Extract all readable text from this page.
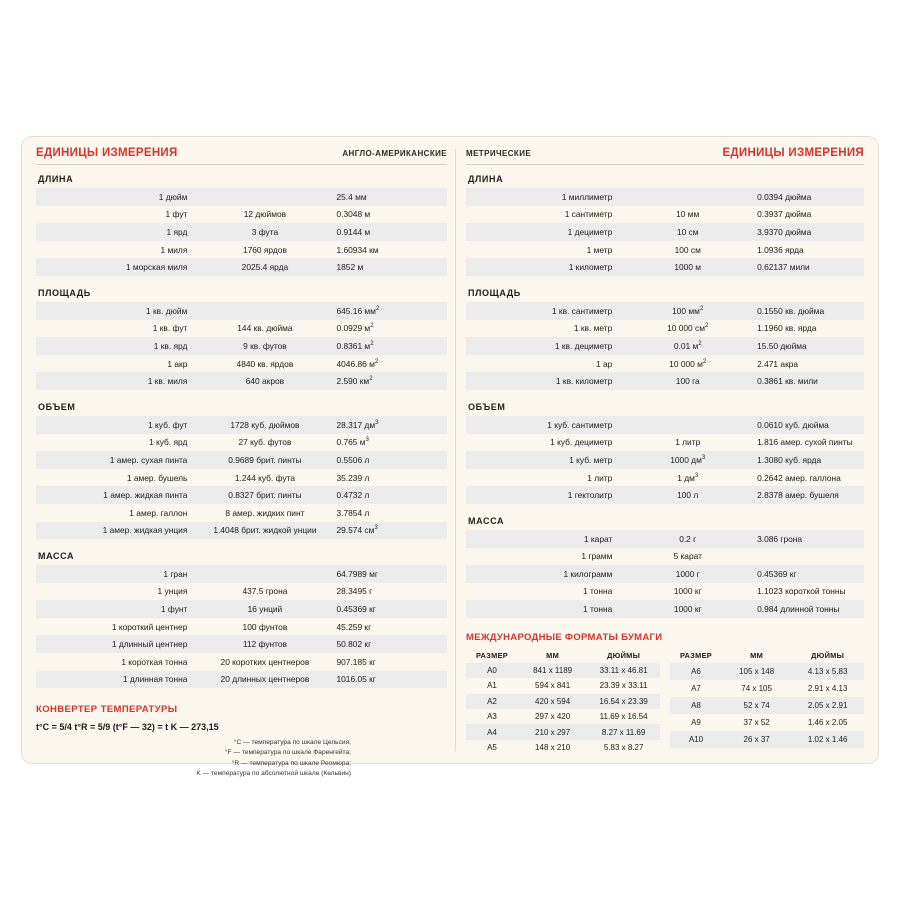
ЕДИНИЦЫ ИЗМЕРЕНИЯ	АНГЛО-АМЕРИКАНСКИЕ
ДЛИНА
1 дюйм		25.4 мм
1 фут	12 дюймов	0.3048 м
1 ярд	3 фута	0.9144 м
1 миля	1760 ярдов	1.60934 км
1 морская миля	2025.4 ярда	1852 м
ПЛОЩАДЬ
1 кв. дюйм		645.16 $мм^2$
1 кв. фут	144 кв. дюйма	0.0929 $м^2$
1 кв. ярд	9 кв. футов	0.8361 $м^2$
1 акр	4840 кв. ярдов	4046.86 $м^2$
1 кв. миля	640 акров	2.590 $км^2$
ОБЪЕМ
1 куб. фут	1728 куб. дюймов	28.317 $дм^3$
1 куб. ярд	27 куб. футов	0.765 $м^3$
1 амер. сухая пинта	0.9689 брит. пинты	0.5506 л
1 амер. бушель	1.244 куб. фута	35.239 л
1 амер. жидкая пинта	0.8327 брит. пинты	0.4732 л
1 амер. галлон	8 амер. жидких пинт	3.7854 л
1 амер. жидкая унция	1.4048 брит. жидкой унции	29.574 $см^3$
МАССА
1 гран		64.7989 мг
1 унция	437.5 грона	28.3495 г
1 фунт	16 унций	0.45369 кг
1 короткий центнер	100 фунтов	45.259 кг
1 длинный центнер	112 фунтов	50.802 кг
1 короткая тонна	20 коротких центнеров	907.185 кг
1 длинная тонна	20 длинных центнеров	1016.05 кг
КОНВЕРТЕР ТЕМПЕРАТУРЫ
t°C = 5/4 t°R = 5/9 (t°F — 32) = t K — 273,15
°C — температура по шкале Цельсия;
°F — температура по шкале Фаренгейта;
°R — температура по шкале Реомюра;
K — температура по абсолютной шкале (Кельвин)
МЕТРИЧЕСКИЕ	ЕДИНИЦЫ ИЗМЕРЕНИЯ
ДЛИНА
1 миллиметр		0.0394 дюйма
1 сантиметр	10 мм	0.3937 дюйма
1 дециметр	10 см	3.9370 дюйма
1 метр	100 см	1.0936 ярда
1 километр	1000 м	0.62137 мили
ПЛОЩАДЬ
1 кв. сантиметр	100 $мм^2$	0.1550 кв. дюйма
1 кв. метр	10 000 $см^2$	1.1960 кв. ярда
1 кв. дециметр	0.01 $м^2$	15.50 дюйма
1 ар	10 000 $м^2$	2.471 акра
1 кв. километр	100 га	0.3861 кв. мили
ОБЪЕМ
1 куб. сантиметр		0.0610 куб. дюйма
1 куб. дециметр	1 литр	1.816 амер. сухой пинты
1 куб. метр	1000 $дм^3$	1.3080 куб. ярда
1 литр	1 $дм^3$	0.2642 амер. галлона
1 гектолитр	100 л	2.8378 амер. бушеля
МАССА
1 карат	0.2 г	3.086 грона
1 грамм	5 карат	
1 килограмм	1000 г	0.45369 кг
1 тонна	1000 кг	1.1023 короткой тонны
1 тонна	1000 кг	0.984 длинной тонны
МЕЖДУНАРОДНЫЕ ФОРМАТЫ БУМАГИ
РАЗМЕР	ММ	ДЮЙМЫ
A0	841 x 1189	33.11 x 46.81
A1	594 x 841	23.39 x 33.11
A2	420 x 594	16.54 x 23.39
A3	297 x 420	11.69 x 16.54
A4	210 x 297	8.27 x 11.69
A5	148 x 210	5.83 x 8.27
РАЗМЕР	ММ	ДЮЙМЫ
A6	105 x 148	4.13 x 5.83
A7	74 x 105	2.91 x 4.13
A8	52 x 74	2.05 x 2.91
A9	37 x 52	1.46 x 2.05
A10	26 x 37	1.02 x 1.46
